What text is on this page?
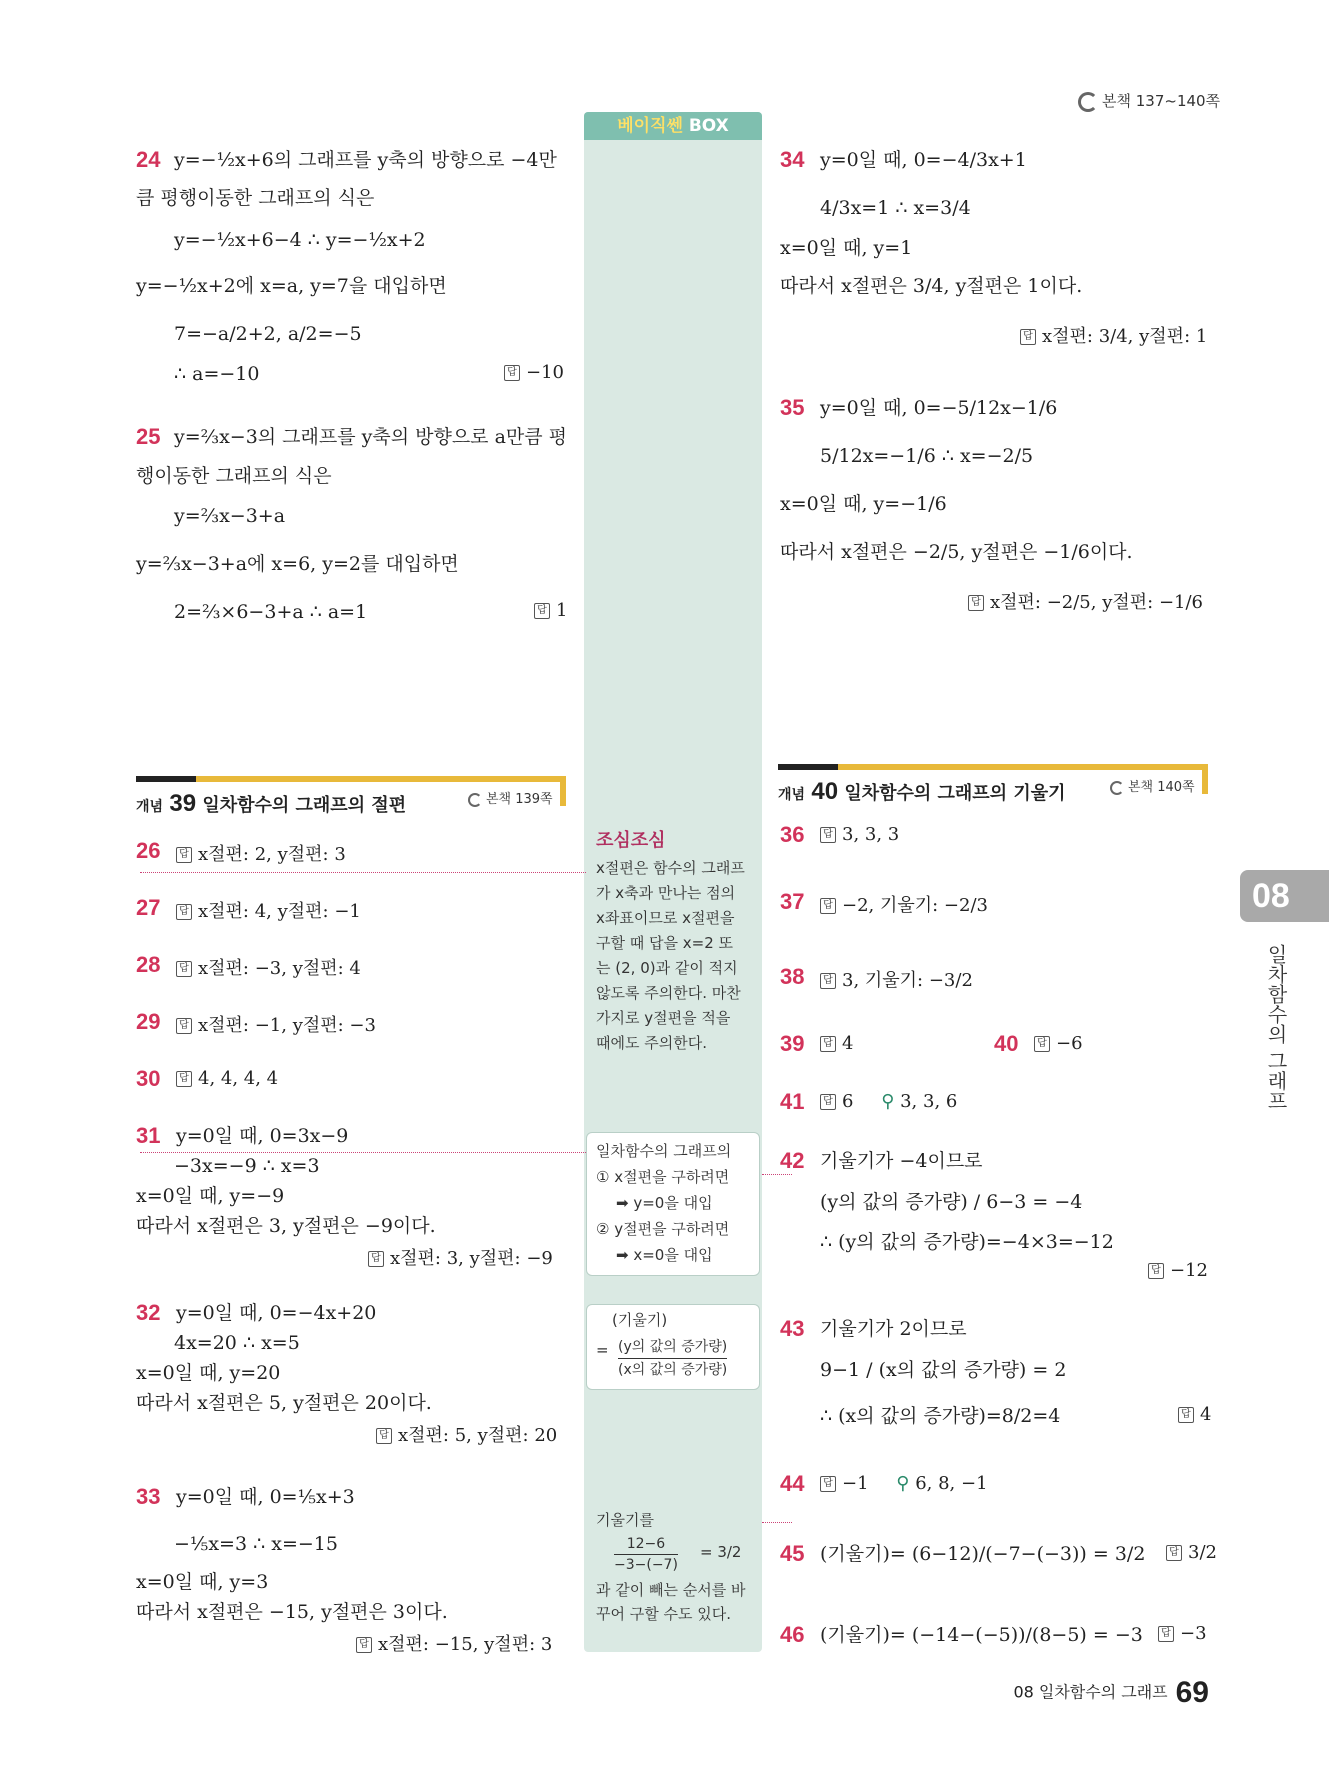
본책 137~140쪽
베이직쎈 BOX
조심조심
x절편은 함수의 그래프
가 x축과 만나는 점의
x좌표이므로 x절편을
구할 때 답을 x=2 또
는 (2, 0)과 같이 적지
않도록 주의한다. 마찬
가지로 y절편을 적을
때에도 주의한다.
일차함수의 그래프의
① x절편을 구하려면
➡ y=0을 대입
② y절편을 구하려면
➡ x=0을 대입
(기울기)
= (y의 값의 증가량)
(x의 값의 증가량)
기울기를
12−6
−3−(−7)
= 3/2
과 같이 빼는 순서를 바
꾸어 구할 수도 있다.
24 y=−½x+6의 그래프를 y축의 방향으로 −4만
큼 평행이동한 그래프의 식은
y=−½x+6−4 ∴ y=−½x+2
y=−½x+2에 x=a, y=7을 대입하면
7=−a/2+2, a/2=−5
∴ a=−10	답 −10
25 y=⅔x−3의 그래프를 y축의 방향으로 a만큼 평
행이동한 그래프의 식은
y=⅔x−3+a
y=⅔x−3+a에 x=6, y=2를 대입하면
2=⅔×6−3+a ∴ a=1	답 1
개념 39 일차함수의 그래프의 절편	본책 139쪽
26	답 x절편: 2, y절편: 3
27	답 x절편: 4, y절편: −1
28	답 x절편: −3, y절편: 4
29	답 x절편: −1, y절편: −3
30	답 4, 4, 4, 4
31 y=0일 때, 0=3x−9
−3x=−9 ∴ x=3
x=0일 때, y=−9
따라서 x절편은 3, y절편은 −9이다.
답 x절편: 3, y절편: −9
32 y=0일 때, 0=−4x+20
4x=20 ∴ x=5
x=0일 때, y=20
따라서 x절편은 5, y절편은 20이다.
답 x절편: 5, y절편: 20
33 y=0일 때, 0=⅕x+3
−⅕x=3 ∴ x=−15
x=0일 때, y=3
따라서 x절편은 −15, y절편은 3이다.
답 x절편: −15, y절편: 3
34 y=0일 때, 0=−4/3x+1
4/3x=1 ∴ x=3/4
x=0일 때, y=1
따라서 x절편은 3/4, y절편은 1이다.
답 x절편: 3/4, y절편: 1
35 y=0일 때, 0=−5/12x−1/6
5/12x=−1/6 ∴ x=−2/5
x=0일 때, y=−1/6
따라서 x절편은 −2/5, y절편은 −1/6이다.
답 x절편: −2/5, y절편: −1/6
개념 40 일차함수의 그래프의 기울기	본책 140쪽
36	답 3, 3, 3
37	답 −2, 기울기: −2/3
38	답 3, 기울기: −3/2
39	답 4	40	답 −6
41	답 6 ⚲ 3, 3, 6
42 기울기가 −4이므로
(y의 값의 증가량) / 6−3 = −4
∴ (y의 값의 증가량)=−4×3=−12
답 −12
43 기울기가 2이므로
9−1 / (x의 값의 증가량) = 2
∴ (x의 값의 증가량)=8/2=4	답 4
44	답 −1 ⚲ 6, 8, −1
45 (기울기)= (6−12)/(−7−(−3)) = 3/2	답 3/2
46 (기울기)= (−14−(−5))/(8−5) = −3	답 −3
08
일차함수의 그래프
08 일차함수의 그래프 69
